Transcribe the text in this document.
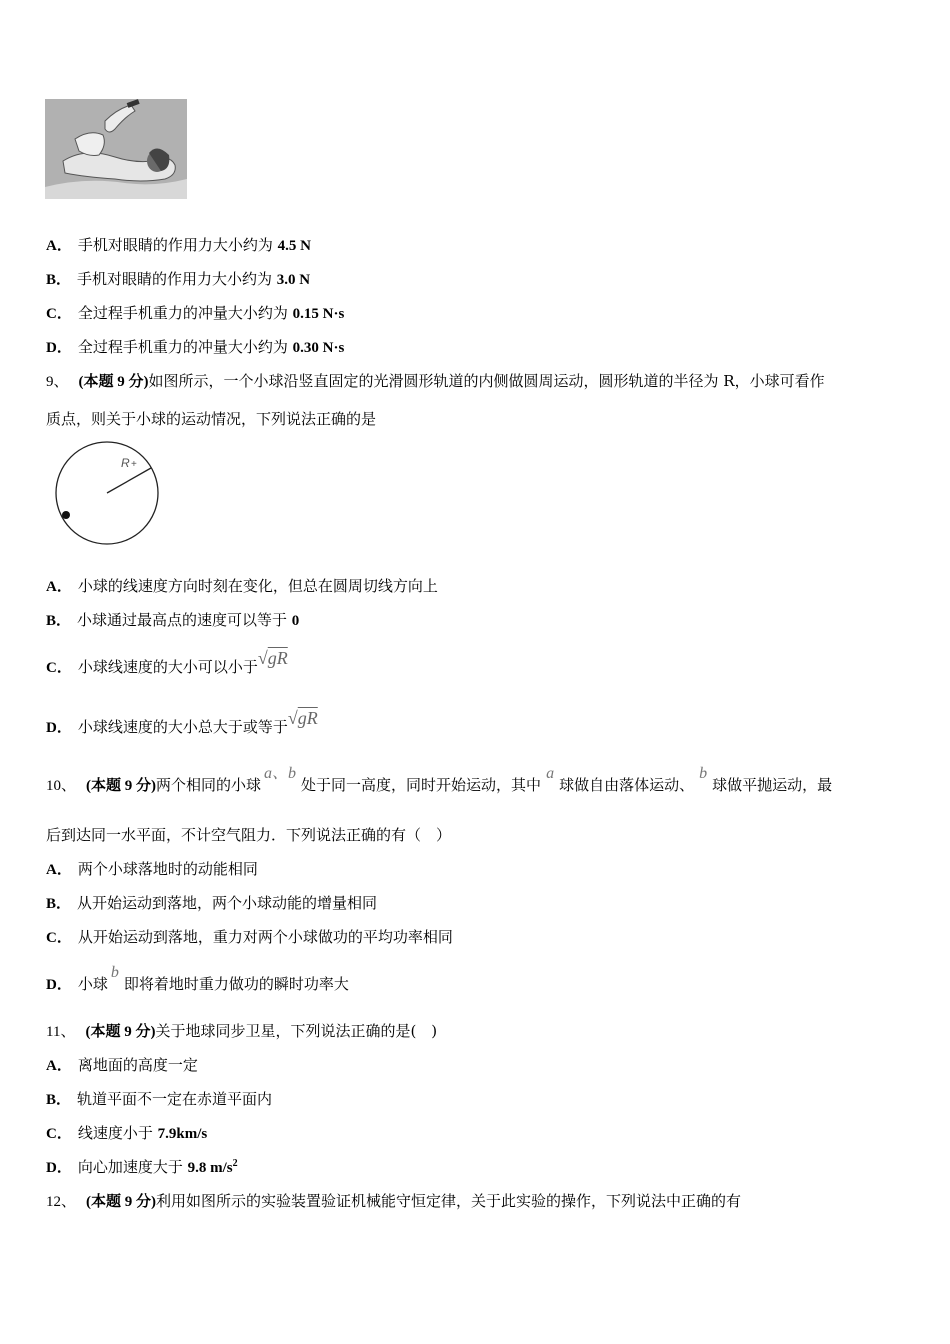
A． 手机对眼睛的作用力大小约为 4.5 N
B． 手机对眼睛的作用力大小约为 3.0 N
C． 全过程手机重力的冲量大小约为 0.15 N·s
D． 全过程手机重力的冲量大小约为 0.30 N·s
9、 (本题 9 分)如图所示，一个小球沿竖直固定的光滑圆形轨道的内侧做圆周运动，圆形轨道的半径为 R，小球可看作
质点，则关于小球的运动情况，下列说法正确的是
R +
A． 小球的线速度方向时刻在变化，但总在圆周切线方向上
B． 小球通过最高点的速度可以等于 0
C． 小球线速度的大小可以小于√gR
D． 小球线速度的大小总大于或等于√gR
10、 (本题 9 分)两个相同的小球a、b处于同一高度，同时开始运动，其中a球做自由落体运动、b球做平抛运动，最
后到达同一水平面，不计空气阻力．下列说法正确的有（　）
A． 两个小球落地时的动能相同
B． 从开始运动到落地，两个小球动能的增量相同
C． 从开始运动到落地，重力对两个小球做功的平均功率相同
D． 小球b即将着地时重力做功的瞬时功率大
11、 (本题 9 分)关于地球同步卫星，下列说法正确的是(　)
A． 离地面的高度一定
B． 轨道平面不一定在赤道平面内
C． 线速度小于 7.9km/s
D． 向心加速度大于 9.8 $m/s^2$
12、 (本题 9 分)利用如图所示的实验装置验证机械能守恒定律，关于此实验的操作，下列说法中正确的有
